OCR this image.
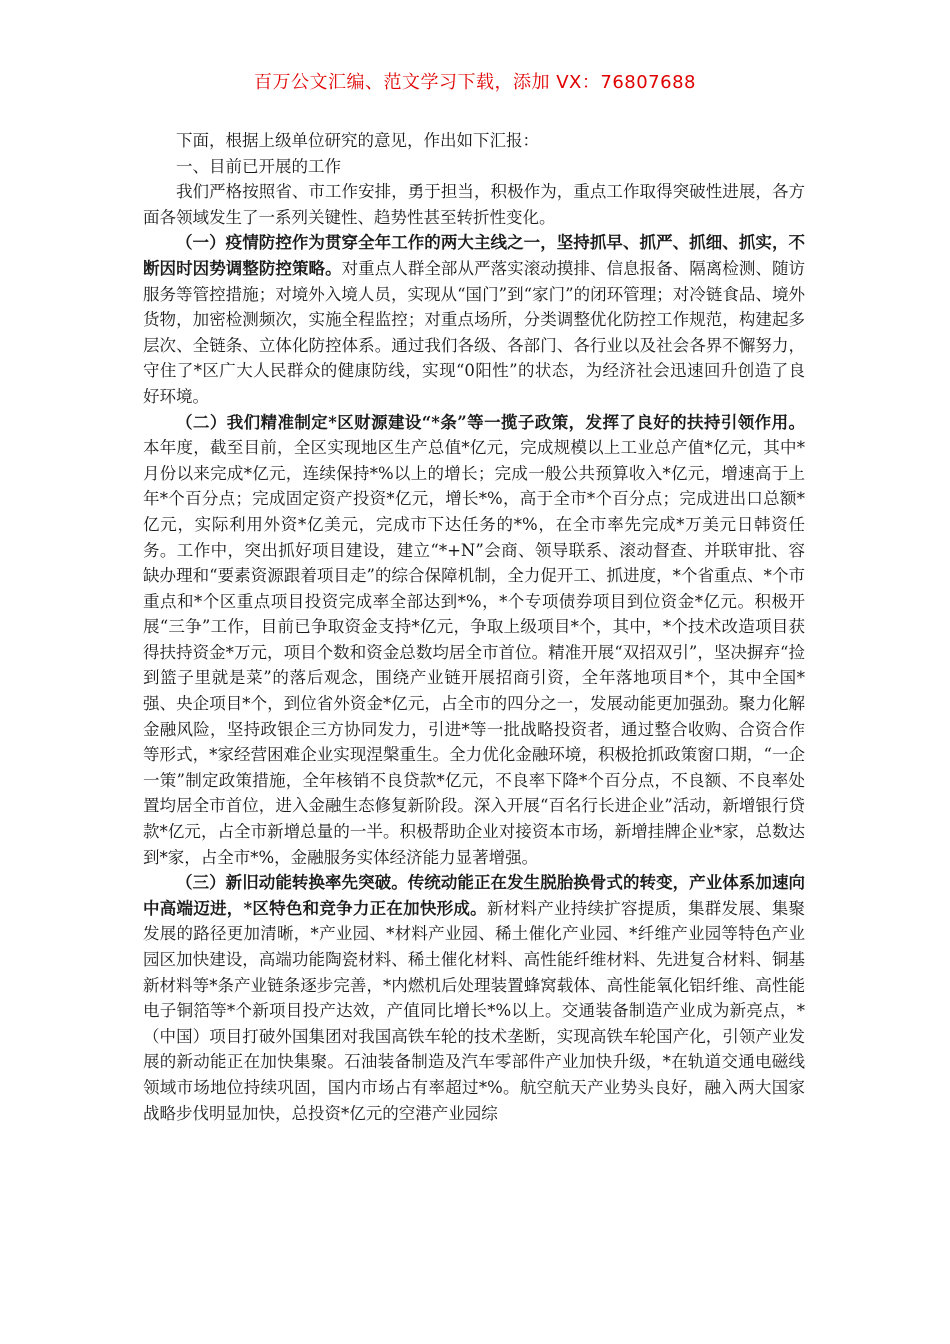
百万公文汇编、范文学习下载，添加 VX：76807688

下面，根据上级单位研究的意见，作出如下汇报：

一、目前已开展的工作

我们严格按照省、市工作安排，勇于担当，积极作为，重点工作取得突破性进展，各方面各领域发生了一系列关键性、趋势性甚至转折性变化。

（一）疫情防控作为贯穿全年工作的两大主线之一，坚持抓早、抓严、抓细、抓实，不断因时因势调整防控策略。对重点人群全部从严落实滚动摸排、信息报备、隔离检测、随访服务等管控措施；对境外入境人员，实现从“国门”到“家门”的闭环管理；对冷链食品、境外货物，加密检测频次，实施全程监控；对重点场所，分类调整优化防控工作规范，构建起多层次、全链条、立体化防控体系。通过我们各级、各部门、各行业以及社会各界不懈努力，守住了*区广大人民群众的健康防线，实现“0阳性”的状态，为经济社会迅速回升创造了良好环境。

（二）我们精准制定*区财源建设“*条”等一揽子政策，发挥了良好的扶持引领作用。本年度，截至目前，全区实现地区生产总值*亿元，完成规模以上工业总产值*亿元，其中*月份以来完成*亿元，连续保持*%以上的增长；完成一般公共预算收入*亿元，增速高于上年*个百分点；完成固定资产投资*亿元，增长*%，高于全市*个百分点；完成进出口总额*亿元，实际利用外资*亿美元，完成市下达任务的*%，在全市率先完成*万美元日韩资任务。工作中，突出抓好项目建设，建立“*+N”会商、领导联系、滚动督查、并联审批、容缺办理和“要素资源跟着项目走”的综合保障机制，全力促开工、抓进度，*个省重点、*个市重点和*个区重点项目投资完成率全部达到*%，*个专项债券项目到位资金*亿元。积极开展“三争”工作，目前已争取资金支持*亿元，争取上级项目*个，其中，*个技术改造项目获得扶持资金*万元，项目个数和资金总数均居全市首位。精准开展“双招双引”，坚决摒弃“捡到篮子里就是菜”的落后观念，围绕产业链开展招商引资，全年落地项目*个，其中全国*强、央企项目*个，到位省外资金*亿元，占全市的四分之一，发展动能更加强劲。聚力化解金融风险，坚持政银企三方协同发力，引进*等一批战略投资者，通过整合收购、合资合作等形式，*家经营困难企业实现涅槃重生。全力优化金融环境，积极抢抓政策窗口期，“一企一策”制定政策措施，全年核销不良贷款*亿元，不良率下降*个百分点，不良额、不良率处置均居全市首位，进入金融生态修复新阶段。深入开展“百名行长进企业”活动，新增银行贷款*亿元，占全市新增总量的一半。积极帮助企业对接资本市场，新增挂牌企业*家，总数达到*家，占全市*%，金融服务实体经济能力显著增强。

（三）新旧动能转换率先突破。传统动能正在发生脱胎换骨式的转变，产业体系加速向中高端迈进，*区特色和竞争力正在加快形成。新材料产业持续扩容提质，集群发展、集聚发展的路径更加清晰，*产业园、*材料产业园、稀土催化产业园、*纤维产业园等特色产业园区加快建设，高端功能陶瓷材料、稀土催化材料、高性能纤维材料、先进复合材料、铜基新材料等*条产业链条逐步完善，*内燃机后处理装置蜂窝载体、高性能氧化铝纤维、高性能电子铜箔等*个新项目投产达效，产值同比增长*%以上。交通装备制造产业成为新亮点，*（中国）项目打破外国集团对我国高铁车轮的技术垄断，实现高铁车轮国产化，引领产业发展的新动能正在加快集聚。石油装备制造及汽车零部件产业加快升级，*在轨道交通电磁线领域市场地位持续巩固，国内市场占有率超过*%。航空航天产业势头良好，融入两大国家战略步伐明显加快，总投资*亿元的空港产业园综
